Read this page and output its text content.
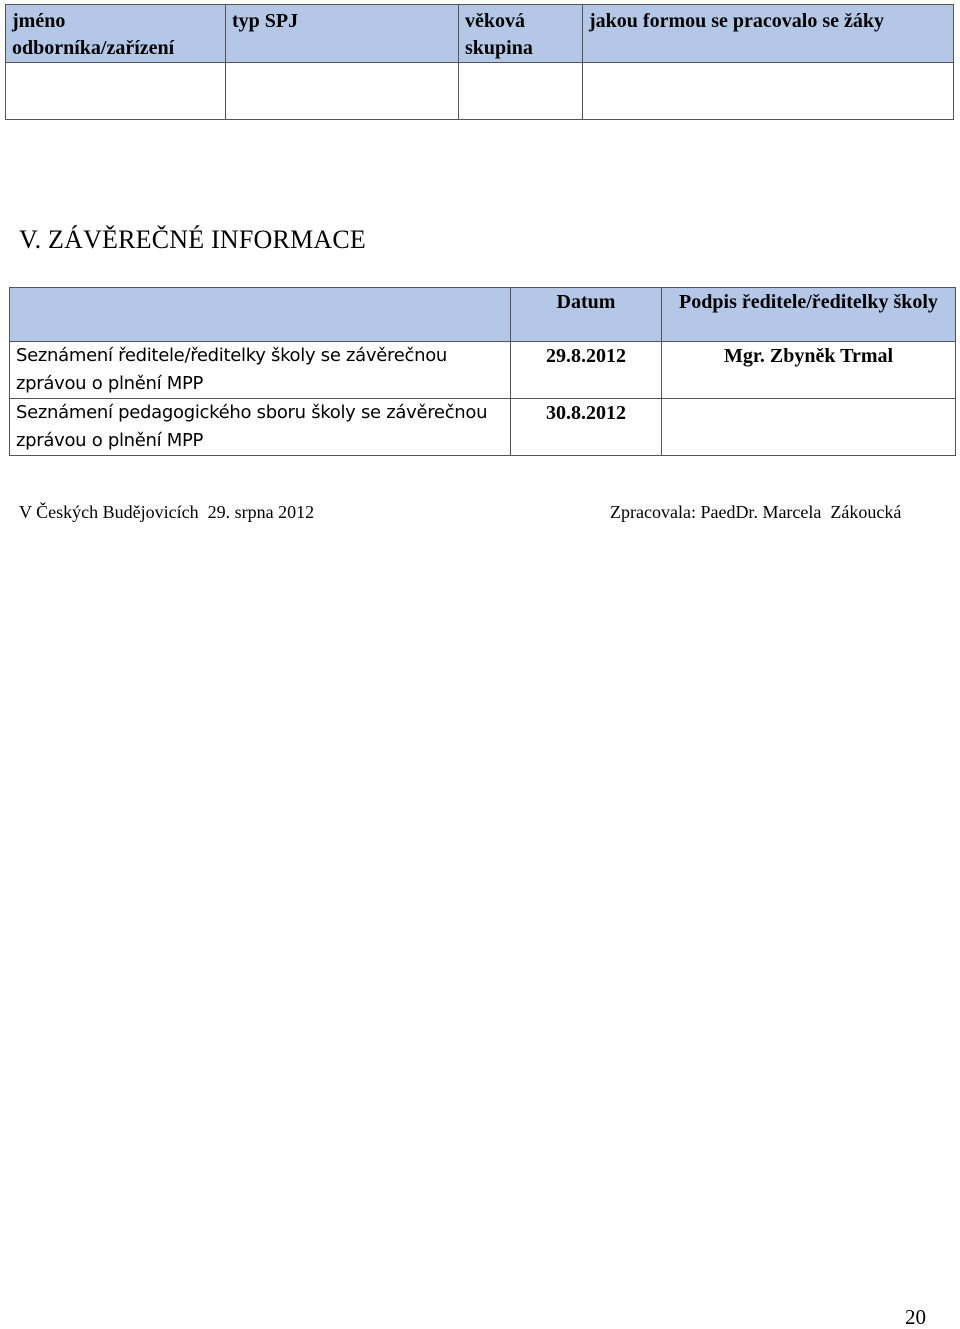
jméno odborníka/zařízení	typ SPJ	věková skupina	jakou formou se pracovalo se žáky

V. ZÁVĚREČNÉ INFORMACE
	Datum	Podpis ředitele/ředitelky školy
Seznámení ředitele/ředitelky školy se závěrečnou zprávou o plnění MPP	29.8.2012	Mgr. Zbyněk Trmal
Seznámení pedagogického sboru školy se závěrečnou zprávou o plnění MPP	30.8.2012	
V Českých Budějovicích  29. srpna 2012	Zpracovala: PaedDr. Marcela  Zákoucká
20
